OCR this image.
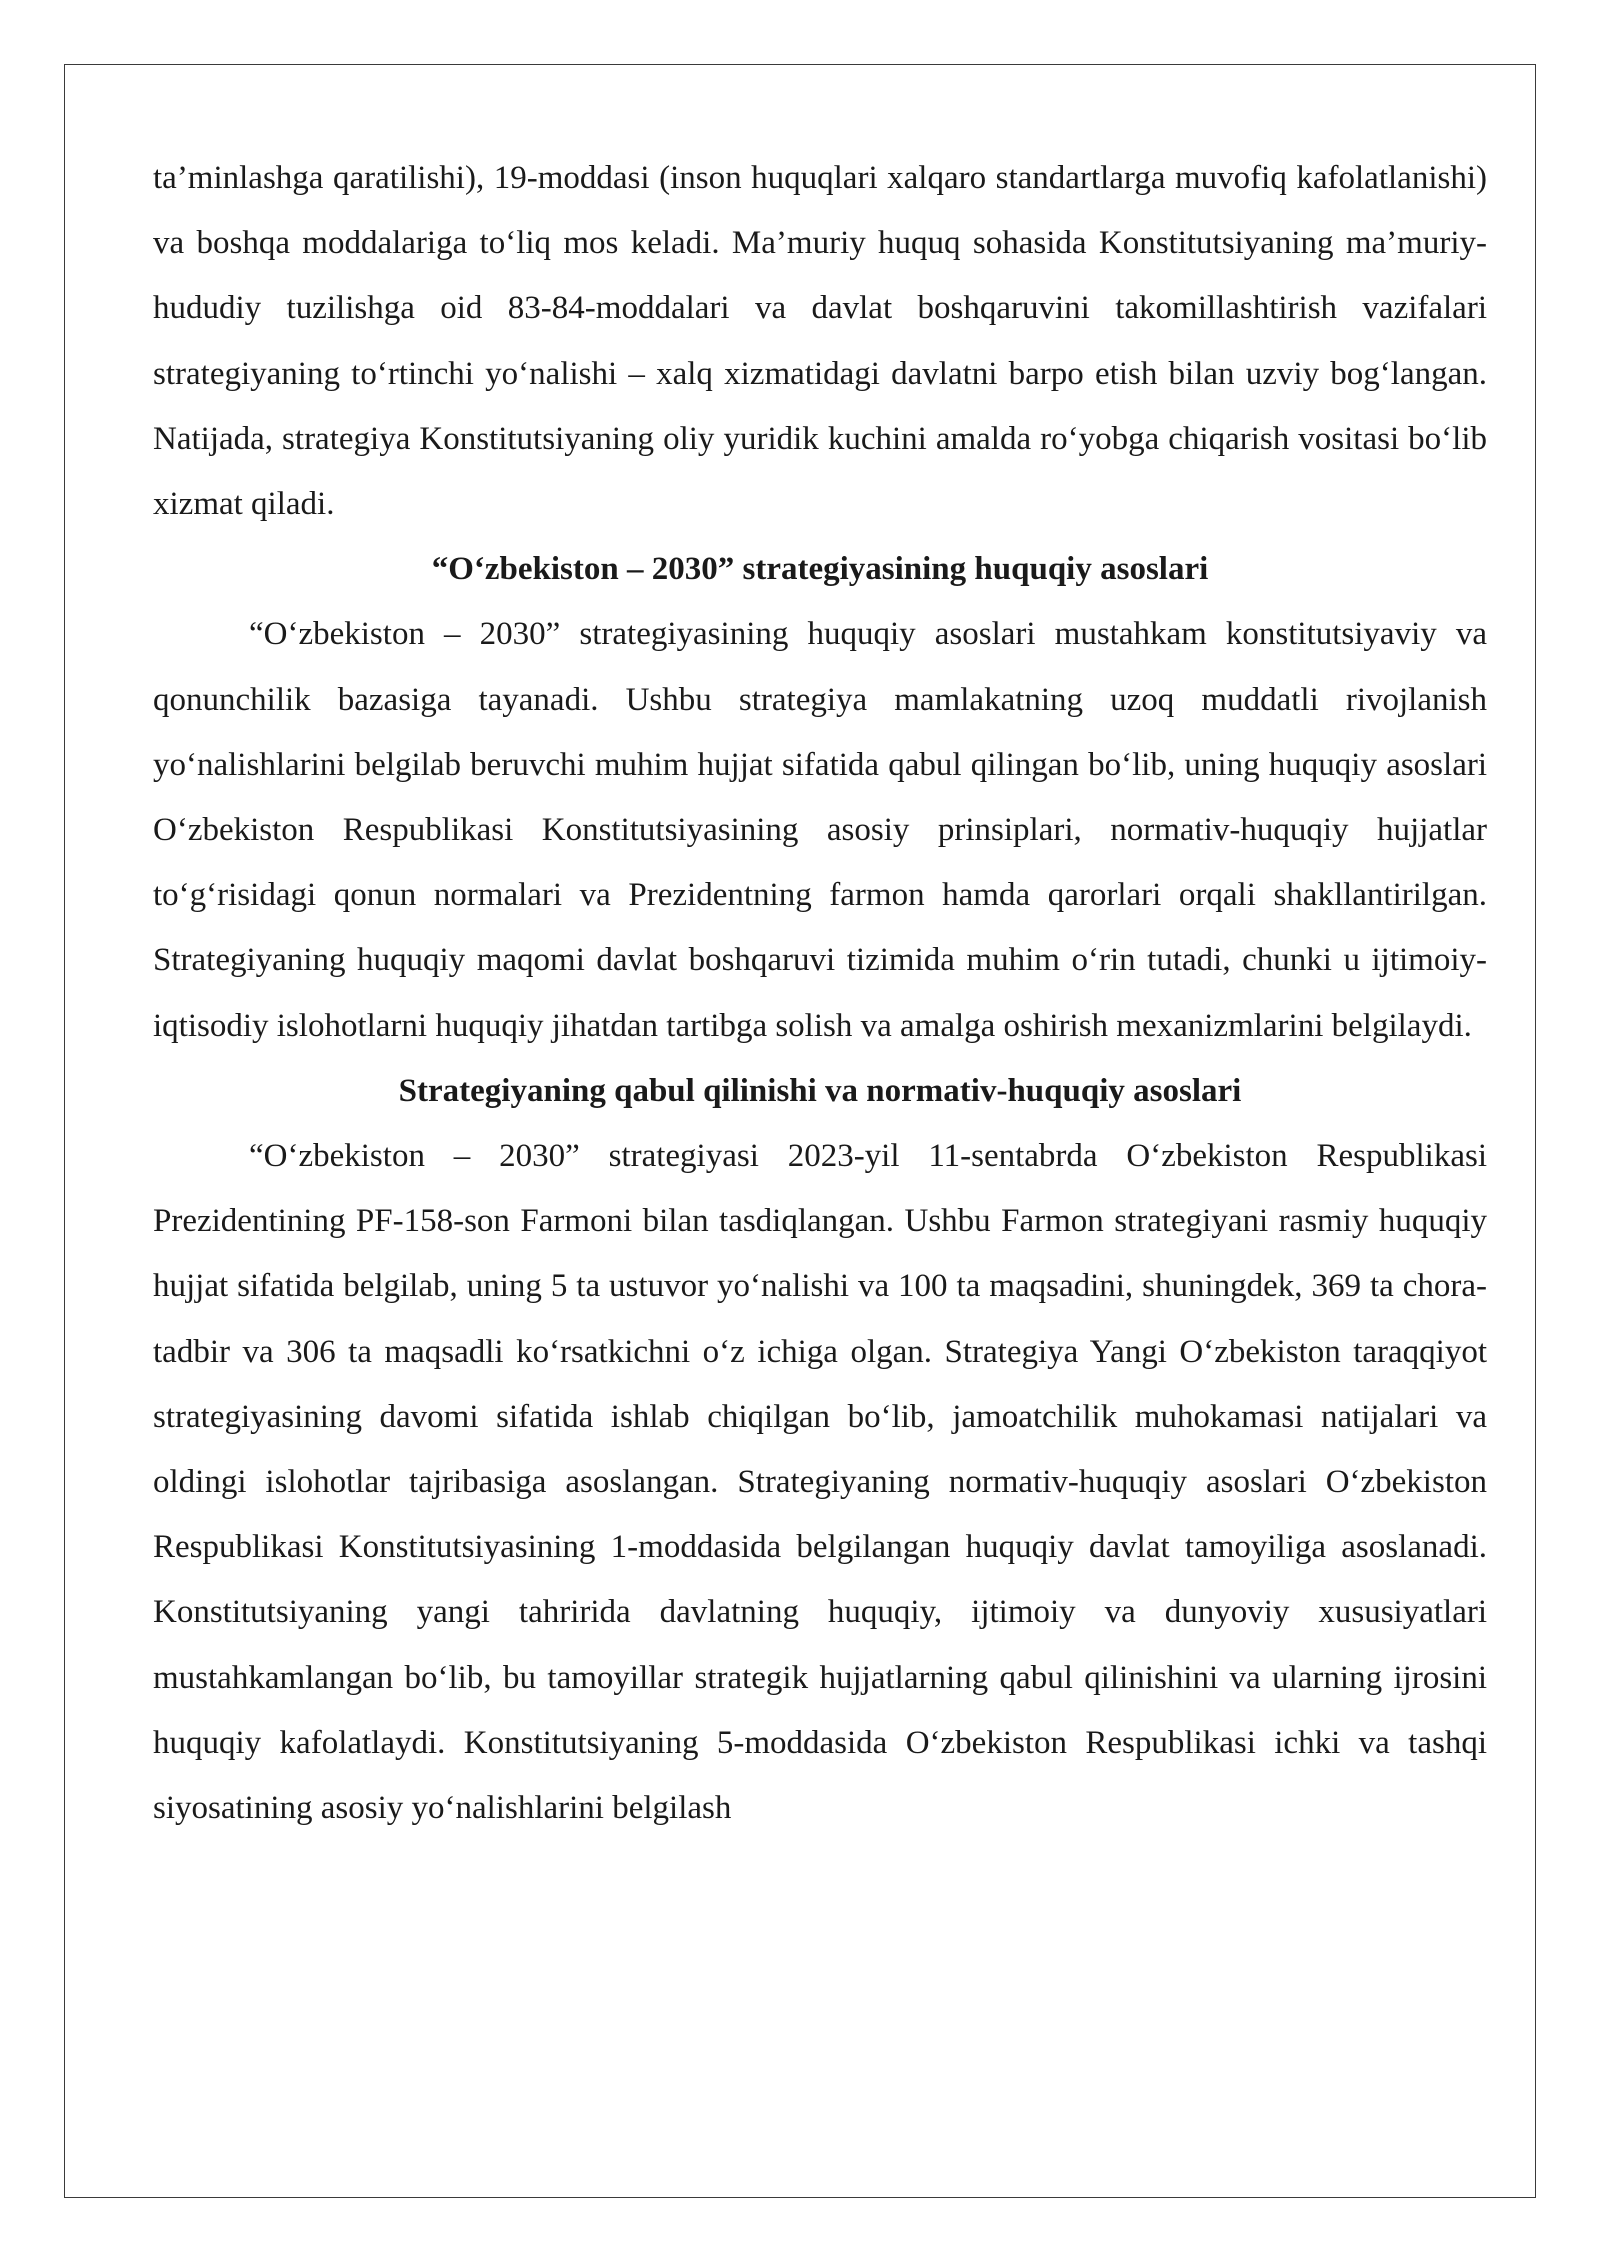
ta’minlashga qaratilishi), 19-moddasi (inson huquqlari xalqaro standartlarga muvofiq kafolatlanishi) va boshqa moddalariga to‘liq mos keladi. Ma’muriy huquq sohasida Konstitutsiyaning ma’muriy-hududiy tuzilishga oid 83-84-moddalari va davlat boshqaruvini takomillashtirish vazifalari strategiyaning to‘rtinchi yo‘nalishi – xalq xizmatidagi davlatni barpo etish bilan uzviy bog‘langan. Natijada, strategiya Konstitutsiyaning oliy yuridik kuchini amalda ro‘yobga chiqarish vositasi bo‘lib xizmat qiladi.

“O‘zbekiston – 2030” strategiyasining huquqiy asoslari

“O‘zbekiston – 2030” strategiyasining huquqiy asoslari mustahkam konstitutsiyaviy va qonunchilik bazasiga tayanadi. Ushbu strategiya mamlakatning uzoq muddatli rivojlanish yo‘nalishlarini belgilab beruvchi muhim hujjat sifatida qabul qilingan bo‘lib, uning huquqiy asoslari O‘zbekiston Respublikasi Konstitutsiyasining asosiy prinsiplari, normativ-huquqiy hujjatlar to‘g‘risidagi qonun normalari va Prezidentning farmon hamda qarorlari orqali shakllantirilgan. Strategiyaning huquqiy maqomi davlat boshqaruvi tizimida muhim o‘rin tutadi, chunki u ijtimoiy-iqtisodiy islohotlarni huquqiy jihatdan tartibga solish va amalga oshirish mexanizmlarini belgilaydi.

Strategiyaning qabul qilinishi va normativ-huquqiy asoslari

“O‘zbekiston – 2030” strategiyasi 2023-yil 11-sentabrda O‘zbekiston Respublikasi Prezidentining PF-158-son Farmoni bilan tasdiqlangan. Ushbu Farmon strategiyani rasmiy huquqiy hujjat sifatida belgilab, uning 5 ta ustuvor yo‘nalishi va 100 ta maqsadini, shuningdek, 369 ta chora-tadbir va 306 ta maqsadli ko‘rsatkichni o‘z ichiga olgan. Strategiya Yangi O‘zbekiston taraqqiyot strategiyasining davomi sifatida ishlab chiqilgan bo‘lib, jamoatchilik muhokamasi natijalari va oldingi islohotlar tajribasiga asoslangan. Strategiyaning normativ-huquqiy asoslari O‘zbekiston Respublikasi Konstitutsiyasining 1-moddasida belgilangan huquqiy davlat tamoyiliga asoslanadi. Konstitutsiyaning yangi tahririda davlatning huquqiy, ijtimoiy va dunyoviy xususiyatlari mustahkamlangan bo‘lib, bu tamoyillar strategik hujjatlarning qabul qilinishini va ularning ijrosini huquqiy kafolatlaydi. Konstitutsiyaning 5-moddasida O‘zbekiston Respublikasi ichki va tashqi siyosatining asosiy yo‘nalishlarini belgilash
